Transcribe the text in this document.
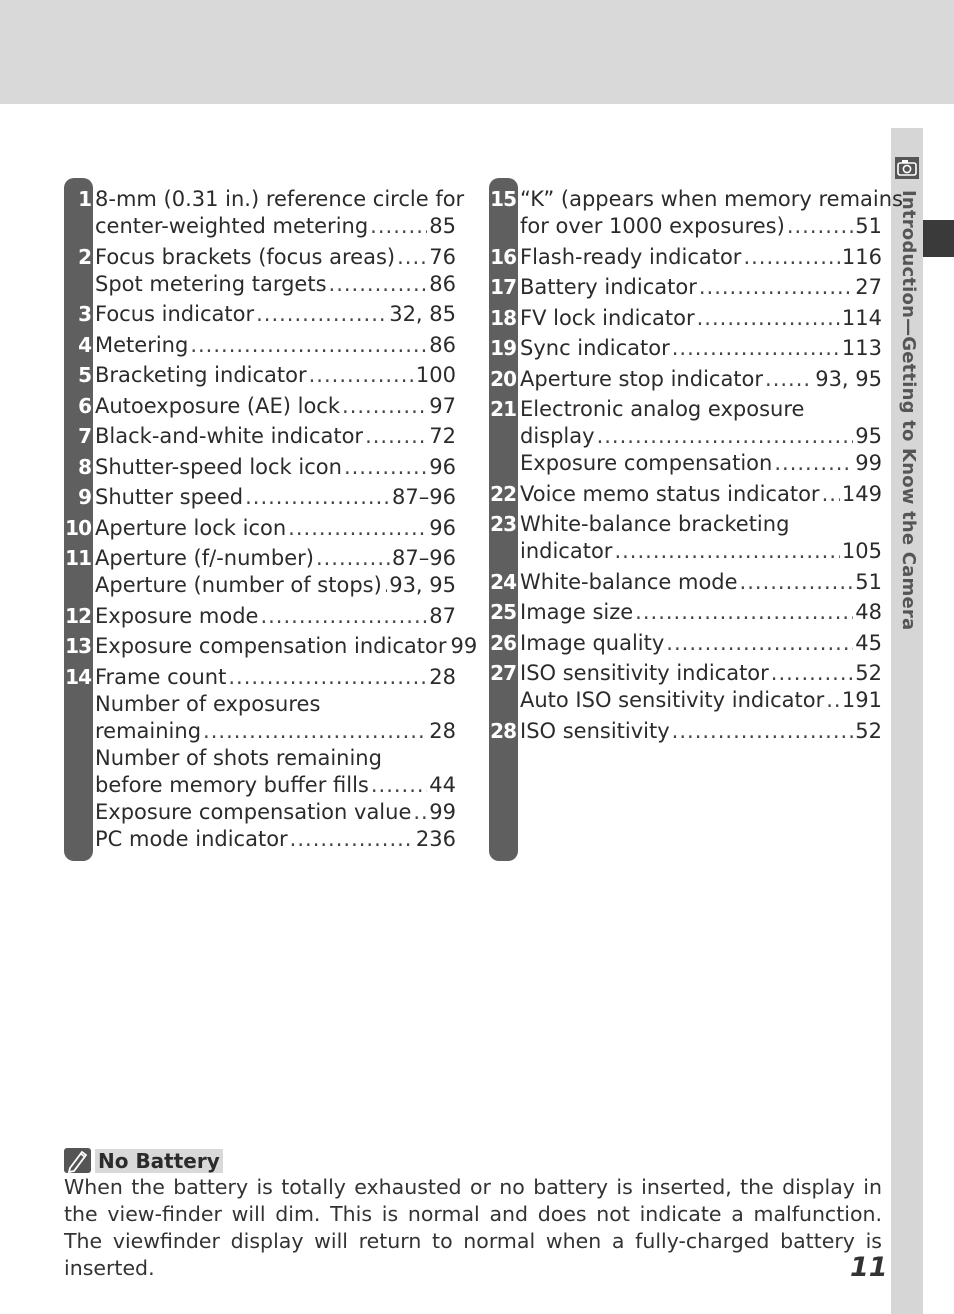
Introduction—Getting to Know the Camera
1 8-mm (0.31 in.) reference circle for
center-weighted metering .....	85
2 Focus brackets (focus areas) ..... 76
Spot metering targets .....	86
3 Focus indicator .....	32, 85
4 Metering .....	86
5 Bracketing indicator .....	100
6 Autoexposure (AE) lock .....	97
7 Black-and-white indicator .....	72
8 Shutter-speed lock icon .....	96
9 Shutter speed .....	87–96
10 Aperture lock icon .....	96
11 Aperture (f/-number) .....	87–96
Aperture (number of stops) ..... 93, 95
12 Exposure mode .....	87
13 Exposure compensation indicator 99
14 Frame count .....	28
Number of exposures
remaining .....	28
Number of shots remaining
before memory buffer fills .....	44
Exposure compensation value ..... 99
PC mode indicator .....	236
15 “K” (appears when memory remains
for over 1000 exposures) .....	51
16 Flash-ready indicator .....	116
17 Battery indicator .....	27
18 FV lock indicator .....	114
19 Sync indicator .....	113
20 Aperture stop indicator ..... 93, 95
21 Electronic analog exposure
display .....	95
Exposure compensation .....	99
22 Voice memo status indicator ..... 149
23 White-balance bracketing
indicator .....	105
24 White-balance mode .....	51
25 Image size .....	48
26 Image quality .....	45
27 ISO sensitivity indicator .....	52
Auto ISO sensitivity indicator ..... 191
28 ISO sensitivity .....	52
No Battery
When the battery is totally exhausted or no battery is inserted, the display in the view-finder will dim. This is normal and does not indicate a malfunction. The viewfinder display will return to normal when a fully-charged battery is inserted.	11
